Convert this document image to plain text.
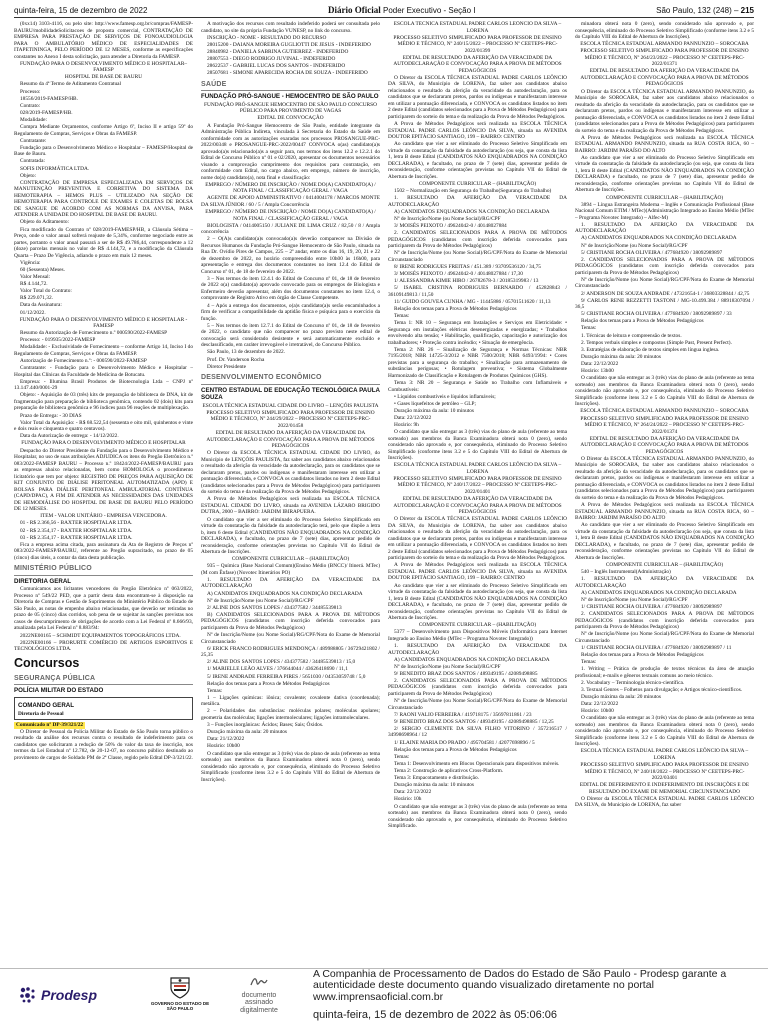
quinta-feira, 15 de dezembro de 2022	Diário Oficial Poder Executivo - Seção I	São Paulo, 132 (248) – 215

(0xx14) 3103-4116, ou pelo site: http://www.famesp.org.br/compras/FAMESP-BAURU/mobilidadeSolicitacoes de proposta comercial, CONTRATAÇÃO DE EMPRESA PARA PRESTAÇÃO DE SERVIÇOS DE FONOAUDIOLOGIA PARA O AMBULATÓRIO MÉDICO DE ESPECIALIDADES DE ITAPETININGA, PELO PERÍODO DE 12 MESES, conforme as especificações constantes no Anexo I desta solicitação, para atender a Diretoria da FAMESP.

FUNDAÇÃO PARA O DESENVOLVIMENTO MÉDICO E HOSPITALAR–FAMESP

HOSPITAL DE BASE DE BAURU

Resumo da 4ª Termo de Aditamento Contratual

Processo:

18556/2019-FAMESP/HB.

Contrato:

028/2019-FAMESP/HB.

Modalidade:

Compra Mediante Orçamentos, conforme Artigo 6º, Inciso II e artigo 59º do Regulamento de Compras, Serviços e Obras da FAMESP.

Contratante:

Fundação para o Desenvolvimento Médico e Hospitalar – FAMESP/Hospital de Base de Bauru.

Contratada:

SOFIS INFORMÁTICA LTDA.

Objeto:

CONTRATAÇÃO DE EMPRESA ESPECIALIZADA EM SERVIÇOS DE MANUTENÇÃO PREVENTIVA E CORRETIVA DO SISTEMA DA HEMOTERAPIA – HEMOS PLUS – UTILIZADO NA SEÇÃO DE HEMOTERAPIA PARA CONTROLE DE EXAMES E COLETAS DE BOLSA DE SANGUE DE ACORDO COM AS NORMAS DA ANVISA, PARA ATENDER A UNIDADE DO HOSPITAL DE BASE DE BAURU.

Objeto do Aditamento:

Fica modificado do Contrato nº 028/2019-FAMESP/HB, a Cláusula Sétima – Preço, onde o valor anual sofrerá reajuste de 5,34%, conforme negociado entre as partes, portanto o valor anual passará a ser de R$ 49.786,44, correspondente a 12 (doze) parcelas mensais no valor de R$ 4.144,72, e a modificação da Cláusula Quarta – Prazo De Vigência, adiando o prazo em mais 12 meses.

Vigência:

60 (Sessenta) Meses.

Valor Mensal:

R$ 4.144,72.

Valor Total do Contrato:

R$ 229.071,32.

Data da Assinatura:

01/12/2022.

FUNDAÇÃO PARA O DESENVOLVIMENTO MÉDICO E HOSPITALAR - FAMESP

Resumo da Autorização de Fornecimento n.º 000590/2022-FAMESP

Processo: - 019935/2022-FAMESP

Modalidade: - Exclusividade de Fornecimento – conforme Artigo 14, Inciso I do Regulamento de Compras, Serviços e Obras da FAMESP.

Autorização de Fornecimento n.º: - 000590/2022-FAMESP

Contratante: - Fundação para o Desenvolvimento Médico e Hospitalar – Hospital das Clínicas da Faculdade de Medicina de Botucatu.

Empresa: - Illumina Brasil Produtos de Biotecnologia Ltda – CNPJ nº 13.147.440/0001-29

Objeto: - Aquisição de 03 (três) kits de preparação de biblioteca de DNA, kit de fragmentação para preparação de biblioteca genômica, contendo 02 (dois) kits para preparação de biblioteca genômica e 96 índices para 96 reações de multiplexação.

Prazo de Entrega: - 30 DIAS

Valor Total da Aquisição: - R$ 68.522,54 (sessenta e oito mil, quinhentos e vinte e dois reais e cinquenta e quatro centavos).

Data da Autorização de entrega: - 14/12/2022.

FUNDAÇÃO PARA O DESENVOLVIMENTO MÉDICO E HOSPITALAR

Despacho do Diretor Presidente da Fundação para o Desenvolvimento Médico e Hospitalar, no uso de suas atribuições ADJUDICA os itens do Pregão Eletrônico n.º 083/2022-FAMESP BAURU – Processo n.º 18424/2022-FAMESP/BAURU para as empresas abaixo relacionadas, bem como HOMOLOGA o procedimento licitatório que tem por objeto: REGISTRO DE PREÇOS PARA AQUISIÇÃO DE KIT CONJUNTO DE DIÁLISE PERITONEAL AUTOMATIZADA (APD) E BOLSAS PARA DIÁLISE PERITONEAL AMBULATORIAL CONTÍNUA (CAPD/DPAC), A FIM DE ATENDER AS NECESSIDADES DAS UNIDADES DE HEMODIÁLISE DO HOSPITAL DE BASE DE BAURU PELO PERÍODO DE 12 MESES.

ITEM - VALOR UNITÁRIO - EMPRESA VENCEDORA.

01 - R$ 2.366,56 - BAXTER HOSPITALAR LTDA.

02 - R$ 2.354,17 - BAXTER HOSPITALAR LTDA.

03 - R$ 2.354,17 - BAXTER HOSPITALAR LTDA.

Fica a empresa acima citada, para assinatura da Ata de Registro de Preços nº 083/2022-FAMESP/BAURU, referente ao Pregão supracitado, no prazo de 05 (cinco) dias úteis, a contar da data desta publicação.

MINISTÉRIO PÚBLICO
DIRETORIA GERAL

Comunicamos aos licitantes vencedores do Pregão Eletrônico nº 063/2022, Processo nº 549/22 PED, que a partir desta data encontram-se à disposição na Diretoria de Compras e Gestão de Suprimentos do Ministério Público do Estado de São Paulo, as notas de empenho abaixo relacionadas, que deverão ser retiradas no prazo de 05 (cinco) dias corridos, sob pena de se sujeitar às sanções previstas nos casos de descumprimento de obrigações de acordo com a Lei Federal nº 8.666/93, atualizada pela Lei Federal nº 8.883/94:

2022NE00165 – SCHMIDT EQUIPAMENTOS TOPOGRÁFICOS LTDA.

2022NE00166 – PRORURTE COMÉRCIO DE ARTIGOS ESPORTIVOS E TECNOLÓGICOS LTDA.

Concursos
SEGURANÇA PÚBLICA
POLÍCIA MILITAR DO ESTADO
COMANDO GERAL
Diretoria de Pessoal
Comunicado nº DP-39/321/22

O Diretor de Pessoal da Polícia Militar do Estado de São Paulo torna público o resultado da análise dos recursos contra o resultado de indeferimento para os candidatos que solicitaram a redução de 50% do valor da taxa de inscrição, nos termos da Lei Estadual nº 12.782, de 20-12-07, no concurso público destinado ao provimento de cargos de Soldado PM de 2ª Classe, regido pelo Edital DP-3/321/22.

A motivação dos recursos com resultado indeferido poderá ser consultada pelo candidato, no site da própria Fundação VUNESP, no link do concurso.

INSCRIÇÃO - NOME - RESULTADO DO RECURSO

28015200 - DAIANA MOREIRA GUGLIOTTI DE JESUS - INDEFERIDO

28840982 - DANIELA SABRINA GUTIERREZ - INDEFERIDO

28807553 - DIEGO RODRIGO JUVINAL - INDEFERIDO

28622537 - GABRIEL LUCAS DOS SANTOS - INDEFERIDO

28507681 - SIMONE APARECIDA ROCHA DE SOUZA - INDEFERIDO

SAÚDE
FUNDAÇÃO PRÓ-SANGUE - HEMOCENTRO DE SÃO PAULO

FUNDAÇÃO PRÓ-SANGUE HEMOCENTRO DE SÃO PAULO CONCURSO PÚBLICO PARA PROVIMENTO DE VAGAS

EDITAL DE CONVOCAÇÃO

A Fundação Pró-Sangue Hemocentro de São Paulo, entidade integrante da Administração Pública Indireta, vinculada à Secretaria do Estado da Saúde em conformidade com as autorizações exaradas nos processos PROSANGUE-PRC-2022/00348 e PROSANGUE-PRC-2022/00447 CONVOCA o(as) candidato(a)s aprovado(a)s relacionado(a)s a seguir para, nos termos dos itens 12.2 e 12.2.1 do Edital de Concurso Público nº 01 e 02/2020, apresentar os documentos necessários visando a comprovação cumprimento dos requisitos para contratação, em conformidade com Edital, no cargo abaixo, em emprego, número de inscrição, nome do(a) candidato(a), nota final e classificação:

EMPREGO / NÚMERO DE INSCRIÇÃO / NOME DO(A) CANDIDATO(A) / NOTA FINAL / CLASSIFICAÇÃO GERAL / VAGA

AGENTE DE APOIO ADMINISTRATIVO / 0414004178 / MARCOS MONTE DA SILVA JÚNIOR / 60 / 5 / Ampla Concorrência

EMPREGO / NÚMERO DE INSCRIÇÃO / NOME DO(A) CANDIDATO(A) / NOTA FINAL / CLASSIFICAÇÃO GERAL / VAGA

BIOLOGISTA / 0414005150 / JULIANE DE LIMA CRUZ / 82,50 / 8 / Ampla concorrência

2 – O(A)s candidato(a)s convocado(a)s deverão comparecer na Divisão de Recursos Humanos da Fundação Pró-Sangue Hemocentro de São Paulo, situada na Rua Dr. Ovídio Pires de Campos, 225 – 2º andar, entre os dias 16, 19, 20, 21 e 22 de dezembro de 2022, no horário compreendido entre 10h00 às 16h00, para apresentação e entrega dos documentos constantes no item 12.4 do Edital de Concurso nº 01, de 18 de fevereiro de 2022.

3 – Nos termos do item 12.4.1 do Edital de Concurso nº 01, de 18 de fevereiro de 2022 o(a) candidato(a) aprovado convocado para os empregos de Biologista e Enfermeiro deverão apresentar, além dos documentos constantes no item 12.4, o comprovante de Registro Ativo em órgão de Classe Competente.

4 – Após a entrega dos documentos, o(a)s candidato(a)s serão encaminhados a firm de verificar a compatibilidade da aptidão física e psíquica para o exercício da função.

5 – Nos termos do item 12.7.1 do Edital de Concurso nº 01, de 18 de fevereiro de 2022, o candidato que não comparecer no prazo previsto neste edital de convocação será considerado desistente e será automaticamente excluído e desclassificado, em caráter irrevogável e irretratável, do Concurso Público.

São Paulo, 13 de dezembro de 2022.

Prof. Dr. Vanderson Rocha

Diretor Presidente

DESENVOLVIMENTO ECONÔMICO
CENTRO ESTADUAL DE EDUCAÇÃO TECNOLÓGICA PAULA SOUZA

ESCOLA TÉCNICA ESTADUAL CIDADE DO LIVRO – LENÇÓIS PAULISTA

PROCESSO SELETIVO SIMPLIFICADO PARA PROFESSOR DE ENSINO MÉDIO E TÉCNICO, Nº 244/29/2022 – PROCESSO Nº CEETEPS-PRC-2022/01458

EDITAL DE RESULTADO DA AFERIÇÃO DA VERACIDADE DA AUTODECLARAÇÃO E CONVOCAÇÃO PARA A PROVA DE MÉTODOS PEDAGÓGICOS

O Diretor da ESCOLA TÉCNICA ESTADUAL CIDADE DO LIVRO, do Município de LENÇÓIS PAULISTA, faz saber aos candidatos abaixo relacionados o resultado da aferição da veracidade da autodeclaração, para os candidatos que se declararam pretos, pardos ou indígenas e manifestaram interesse em utilizar a pontuação diferenciada, e CONVOCA os candidatos listados no item 2 deste Edital (candidatos selecionados para a Prova de Métodos Pedagógicos) para participarem do sorteio do tema e da realização da Prova de Métodos Pedagógicos.

A Prova de Métodos Pedagógicos será realizada na ESCOLA TÉCNICA ESTADUAL CIDADE DO LIVRO, situada na AVENIDA LÁZARO BRIGIDO DUTRA, 2000 – BAIRRO: JARDIM IBIRAPUERA.

O candidato que vier a ser eliminado do Processo Seletivo Simplificado em virtude da constatação da falsidade da autodeclaração terá, pelo que dispõe a letra b, item 6 deste Edital (CANDIDATOS NÃO ENQUADRADOS NA CONDIÇÃO DECLARADA), e facultado, no prazo de 7 (sete) dias, apresentar pedido de reconsideração, conforme orientações previstas no Capítulo VII do Edital de Abertura de Inscrições.

COMPONENTE CURRICULAR – (HABILITAÇÃO)

935 – Química (Base Nacional Comum)(Ensino Médio (BNCC)/ Itinerá. MTec) (M com Ênfase) (Novotec Itinerários PO)

1. RESULTADO DA AFERIÇÃO DA VERACIDADE DA AUTODECLARAÇÃO

A) CANDIDATOS ENQUADRADOS NA CONDIÇÃO DECLARADA

Nº de Inscrição/Nome (ou Nome Social)/RG/CPF

2/ ALINE DOS SANTOS LOPES / 434377582 / 34485539813

B) CANDIDATOS SELECIONADOS PARA A PROVA DE MÉTODOS PEDAGÓGICOS (candidatos com inscrição deferida convocados para participarem da Prova de Métodos Pedagógicos)

Nº de Inscrição/Nome (ou Nome Social)/RG/CPF/Nota do Exame de Memorial Circunstanciado

6/ ERICK FRANCO RODRIGUES MENDONÇA / 489988805 / 36729421802 / 25,35

2/ ALINE DOS SANTOS LOPES / 434377582 / 34485539813 / 15,0

1/ MARIELLE LEÃO ALVES / 376644044 / 43626418690 / 11,1

5/ IRENE ANDRADE FERREIRA PIRES / 5651030 / 04353059748 / 5,0

Relação dos temas para a Prova de Métodos Pedagógicos

Temas:

1 – Ligações químicas: iônica; covalente; covalente dativa (coordenada); metálica.

2 – Polaridades das substâncias: moléculas polares; moléculas apolares; geometria das moléculas; ligações intermoleculares; ligações intramoleculares.

3 – Funções inorgânicas: Ácidos; Bases; Sais; Óxidos.

Duração máxima da aula: 20 minutos

Data: 21/12/2022

Horário: 10h00

O candidato que não entregar as 3 (três) vias do plano de aula (referente ao tema sorteado) aos membros da Banca Examinadora obterá nota 0 (zero), sendo considerado não aprovado e, por consequência, eliminado do Processo Seletivo Simplificado (conforme itens 3.2 e 5 do Capítulo VIII do Edital de Abertura de Inscrições).

ESCOLA TÉCNICA ESTADUAL PADRE CARLOS LEÔNCIO DA SILVA – LORENA

PROCESSO SELETIVO SIMPLIFICADO PARA PROFESSOR DE ENSINO MÉDIO E TÉCNICO, Nº 240/15/2022 – PROCESSO Nº CEETEPS-PRC-2022/01399

EDITAL DE RESULTADO DA AFERIÇÃO DA VERACIDADE DA AUTODECLARAÇÃO E CONVOCAÇÃO PARA A PROVA DE MÉTODOS PEDAGÓGICOS

O Diretor da ESCOLA TÉCNICA ESTADUAL PADRE CARLOS LEÔNCIO DA SILVA, do Município de LORENA, faz saber aos candidatos abaixo relacionados o resultado da aferição da veracidade da autodeclaração, para os candidatos que se declararam pretos, pardos ou indígenas e manifestaram interesse em utilizar a pontuação diferenciada, e CONVOCA os candidatos listados no item 2 deste Edital (candidatos selecionados para a Prova de Métodos Pedagógicos) para participarem do sorteio do tema e da realização da Prova de Métodos Pedagógicos.

A Prova de Métodos Pedagógicos será realizada na ESCOLA TÉCNICA ESTADUAL PADRE CARLOS LEÔNCIO DA SILVA, situada na AVENIDA DOUTOR EPITÁCIO SANTIAGO, 199 – BAIRRO: CENTRO

Ao candidato que vier a ser eliminado do Processo Seletivo Simplificado em virtude da constatação da falsidade da autodeclaração (ou seja, que consta da lista 1, letra B deste Edital (CANDIDATOS NÃO ENQUADRADOS NA CONDIÇÃO DECLARADA), e facultado, no prazo de 7 (sete) dias, apresentar pedido de reconsideração, conforme orientações previstas no Capítulo VII do Edital de Abertura de Inscrições.

COMPONENTE CURRICULAR – (HABILITAÇÃO)

1502 – Normalização em Segurança do Trabalho(Segurança do Trabalho)

1. RESULTADO DA AFERIÇÃO DA VERACIDADE DA AUTODECLARAÇÃO

A) CANDIDATOS ENQUADRADOS NA CONDIÇÃO DECLARADA

Nº de Inscrição/Nome (ou Nome Social)/RG/CPF

3/ MOISÉS PEIXOTO / 49624042-0 / 40148027884

2. CANDIDATOS SELECIONADOS PARA A PROVA DE MÉTODOS PEDAGÓGICOS (candidatos com inscrição deferida convocados para participarem da Prova de Métodos Pedagógicos)

Nº de Inscrição/Nome (ou Nome Social)/RG/CPF/Nota do Exame de Memorial Circunstanciado

8/ IRENE RODRIGUES FREITAS / 451.389 / 93709536120 / 34,75

3/ MOISÉS PEIXOTO / 49624042-0 / 40148027884 / 17,30

1/ ALESSANDRA KIMIE HIRO / 26782678-3 / 20185319983 / 13

5/ ISABEL CRISTINA RODRIGUES BERNARDO / 452828843 / 36109149813 / 11,50

11/ GUIDO GOUVEA CUNHA / MG - 11445886 / 05701511620 / 11,13

Relação dos temas para a Prova de Métodos Pedagógicos

Temas:

Tema 1: NR 10 – Segurança em Instalações e Serviços em Eletricidade: • Segurança em instalações elétricas desenergizadas e energizadas; • Trabalhos envolvendo alta tensão; • Habilitação, qualificação, capacitação e autorização dos trabalhadores; • Proteção contra incêndio; • Situação de emergência.

Tema 2: NR 26 – Sinalização de Segurança e Normas Técnicas: NBR 7195/2018; NBR 14725-3/2012 e NBR 7500/2018; NBR 6493/1994: • Cores previstas para a segurança do trabalho; • Sinalização para armazenamento de substâncias perigosas; • Rotulagem preventiva; • Sistema Globalmente Harmonizado de Classificação e Rotulagem de Produtos Químicos (GHS).

Tema 3: NR 20 – Segurança e Saúde no Trabalho com Inflamáveis e Combustíveis:

• Líquidos combustíveis e líquidos inflamáveis;

• Gases liquefeitos de petróleo – GLP;

Duração máxima da aula: 10 minutos

Data: 22/12/2022

Horário: 9h

O candidato que não entregar as 3 (três) vias do plano de aula (referente ao tema sorteado) aos membros da Banca Examinadora obterá nota 0 (zero), sendo considerado não aprovado e, por consequência, eliminado do Processo Seletivo Simplificado (conforme itens 3.2 e 5 do Capítulo VIII do Edital de Abertura de Inscrições).

ESCOLA TÉCNICA ESTADUAL PADRE CARLOS LEÔNCIO DA SILVA – LORENA

PROCESSO SELETIVO SIMPLIFICADO PARA PROFESSOR DE ENSINO MÉDIO E TÉCNICO, Nº 240/17/2022 – PROCESSO Nº CEETEPS-PRC-2022/01401

EDITAL DE RESULTADO DA AFERIÇÃO DA VERACIDADE DA AUTODECLARAÇÃO E CONVOCAÇÃO PARA A PROVA DE MÉTODOS PEDAGÓGICOS

O Diretor da ESCOLA TÉCNICA ESTADUAL PADRE CARLOS LEÔNCIO DA SILVA, do Município de LORENA, faz saber aos candidatos abaixo relacionados o resultado da aferição da veracidade da autodeclaração, para os candidatos que se declararam pretos, pardos ou indígenas e manifestaram interesse em utilizar a pontuação diferenciada, e CONVOCA os candidatos listados no item 2 deste Edital (candidatos selecionados para a Prova de Métodos Pedagógicos) para participarem do sorteio do tema e da realização da Prova de Métodos Pedagógicos.

A Prova de Métodos Pedagógicos será realizada na ESCOLA TÉCNICA ESTADUAL PADRE CARLOS LEÔNCIO DA SILVA, situada na AVENIDA DOUTOR EPITÁCIO SANTIAGO, 199 – BAIRRO: CENTRO

Ao candidato que vier a ser eliminado do Processo Seletivo Simplificado em virtude da constatação da falsidade da autodeclaração (ou seja, que consta da lista 1, letra B deste Edital (CANDIDATOS NÃO ENQUADRADOS NA CONDIÇÃO DECLARADA), e facultado, no prazo de 7 (sete) dias, apresentar pedido de reconsideração, conforme orientações previstas no Capítulo VII do Edital de Abertura de Inscrições.

COMPONENTE CURRICULAR – (HABILITAÇÃO)

5377 – Desenvolvimento para Dispositivos Móveis (Informática para Internet Integrado ao Ensino Médio (MTec – Programa Novotec Integrado))

1. RESULTADO DA AFERIÇÃO DA VERACIDADE DA AUTODECLARAÇÃO

A) CANDIDATOS ENQUADRADOS NA CONDIÇÃO DECLARADA

Nº de Inscrição/Nome (ou Nome Social)/RG/CPF

9/ BENEDITO BRAZ DOS SANTOS / 489349195 / 42089498885

2. CANDIDATOS SELECIONADOS PARA A PROVA DE MÉTODOS PEDAGÓGICOS (candidatos com inscrição deferida convocados para participarem da Prova de Métodos Pedagógicos)

Nº de Inscrição/Nome (ou Nome Social)/RG/CPF/Nota do Exame de Memorial Circunstanciado

7/ RAONI VALIO FERREIRA / 419718175 / 35697811861 / 23

9/ BENEDITO BRAZ DOS SANTOS / 489349195 / 42089498885 / 12,25

2/ SERGIO CLEMENTE DA SILVA FILHO VITORINO / 357216517 / 34998698964 / 12

1/ ELAINE MARIA DO PRADO / 495704581 / 42077698896 / 5

Relação dos temas para a Prova de Métodos Pedagógicos

Temas:

Tema 1: Desenvolvimento em Blocos Operacionais para dispositivos móveis.

Tema 2: Construção de aplicativos Cross-Platform.

Tema 3: Empacotamento e distribuição.

Duração máxima da aula: 10 minutos

Data: 22/12/2022

Horário: 10h

O candidato que não entregar as 3 (três) vias do plano de aula (referente ao tema sorteado) aos membros da Banca Examinadora obterá nota 0 (zero), sendo considerado não aprovado e, por consequência, eliminado do Processo Seletivo Simplificado.

minadora obterá nota 0 (zero), sendo considerado não aprovado e, por consequência, eliminado do Processo Seletivo Simplificado (conforme itens 3.2 e 5 do Capítulo VIII do Edital de Abertura de Inscrições).

ESCOLA TÉCNICA ESTADUAL ARMANDO PANNUNZIO – SOROCABA

PROCESSO SELETIVO SIMPLIFICADO PARA PROFESSOR DE ENSINO MÉDIO E TÉCNICO, Nº 264/23/2022 – PROCESSO Nº CEETEPS-PRC-2022/01371

EDITAL DE RESULTADO DA AFERIÇÃO DA VERACIDADE DA AUTODECLARAÇÃO E CONVOCAÇÃO PARA A PROVA DE MÉTODOS PEDAGÓGICOS

O Diretor da ESCOLA TÉCNICA ESTADUAL ARMANDO PANNUNZIO, do Município de SOROCABA, faz saber aos candidatos abaixo relacionados o resultado da aferição da veracidade da autodeclaração, para os candidatos que se declararam pretos, pardos ou indígenas e manifestaram interesse em utilizar a pontuação diferenciada, e CONVOCA os candidatos listados no item 2 deste Edital (candidatos selecionados para a Prova de Métodos Pedagógicos) para participarem do sorteio do tema e da realização da Prova de Métodos Pedagógicos.

A Prova de Métodos Pedagógicos será realizada na ESCOLA TÉCNICA ESTADUAL ARMANDO PANNUNZIO, situada na RUA COSTA RICA, 60 – BAIRRO: JARDIM PARAÍSO DO ALTO

Ao candidato que vier a ser eliminado do Processo Seletivo Simplificado em virtude da constatação da falsidade da autodeclaração (ou seja, que consta da lista 1, letra B deste Edital (CANDIDATOS NÃO ENQUADRADOS NA CONDIÇÃO DECLARADA) e facultado, no prazo de 7 (sete) dias, apresentar pedido de reconsideração, conforme orientações previstas no Capítulo VII do Edital de Abertura de Inscrições.

COMPONENTE CURRICULAR – (HABILITAÇÃO)

3894 – Língua Estrangeira Moderna – Inglês e Comunicação Profissional (Base Nacional Comum ETIM / MTec)(Administração Integrado ao Ensino Médio (MTec – Programa Novotec Integrado) – Alfec-M)

1. RESULTADO DA AFERIÇÃO DA VERACIDADE DA AUTODECLARAÇÃO

A) CANDIDATOS ENQUADRADOS NA CONDIÇÃO DECLARADA

Nº de Inscrição/Nome (ou Nome Social)/RG/CPF

5/ CRISTIANE ROCHA OLIVEIRA / 477684920 / 38092989897

2. CANDIDATOS SELECIONADOS PARA A PROVA DE MÉTODOS PEDAGÓGICOS (candidatos com inscrição deferida convocados para participarem da Prova de Métodos Pedagógicos)

Nº de Inscrição/Nome (ou Nome Social)/RG/CPF/Nota do Exame de Memorial Circunstanciado

2/ ANDERSON DE SOUZA ANDRADE / 47321654-1 / 36803328844 / 42,75

9/ CARLOS RENE REZZETTI TASTONI / MG-10.499.384 / 88918307094 / 36,5

5/ CRISTIANE ROCHA OLIVEIRA / 477684920 / 38092989897 / 33

Relação dos temas para a Prova de Métodos Pedagógicos

Temas:

1. Técnicas de leitura e compreensão de textos.

2. Tempos verbais simples e compostos (Simple Past, Present Perfect).

3. Estratégias de elaboração de textos simples em língua inglesa.

Duração máxima da aula: 20 minutos

Data: 22/12/2022

Horário: 13h00

O candidato que não entregar as 3 (três) vias do plano de aula (referente ao tema sorteado) aos membros da Banca Examinadora obterá nota 0 (zero), sendo considerado não aprovado e, por consequência, eliminado do Processo Seletivo Simplificado (conforme itens 3.2 e 5 do Capítulo VIII do Edital de Abertura de Inscrições).

ESCOLA TÉCNICA ESTADUAL ARMANDO PANNUNZIO – SOROCABA

PROCESSO SELETIVO SIMPLIFICADO PARA PROFESSOR DE ENSINO MÉDIO E TÉCNICO, Nº 264/24/2022 – PROCESSO Nº CEETEPS-PRC-2022/01374

EDITAL DE RESULTADO DA AFERIÇÃO DA VERACIDADE DA AUTODECLARAÇÃO E CONVOCAÇÃO PARA A PROVA DE MÉTODOS PEDAGÓGICOS

O Diretor da ESCOLA TÉCNICA ESTADUAL ARMANDO PANNUNZIO, do Município de SOROCABA, faz saber aos candidatos abaixo relacionados o resultado da aferição da veracidade da autodeclaração, para os candidatos que se declararam pretos, pardos ou indígenas e manifestaram interesse em utilizar a pontuação diferenciada, e CONVOCA os candidatos listados no item 2 deste Edital (candidatos selecionados para a Prova de Métodos Pedagógicos) para participarem do sorteio do tema e da realização da Prova de Métodos Pedagógicos.

A Prova de Métodos Pedagógicos será realizada na ESCOLA TÉCNICA ESTADUAL ARMANDO PANNUNZIO, situada na RUA COSTA RICA, 60 – BAIRRO: JARDIM PARAÍSO DO ALTO

Ao candidato que vier a ser eliminado do Processo Seletivo Simplificado em virtude da constatação da falsidade da autodeclaração (ou seja, que consta da lista 1, letra B deste Edital (CANDIDATOS NÃO ENQUADRADOS NA CONDIÇÃO DECLARADA), e facultado, no prazo de 7 (sete) dias, apresentar pedido de reconsideração, conforme orientações previstas no Capítulo VII do Edital de Abertura de Inscrições.

COMPONENTE CURRICULAR – (HABILITAÇÃO)

540 – Inglês Instrumental(Administração)

1. RESULTADO DA AFERIÇÃO DA VERACIDADE DA AUTODECLARAÇÃO

A) CANDIDATOS ENQUADRADOS NA CONDIÇÃO DECLARADA

Nº de Inscrição/Nome (ou Nome Social)/RG/CPF

1/ CRISTIANE ROCHA OLIVEIRA / 477684920 / 38092989897

2. CANDIDATOS SELECIONADOS PARA A PROVA DE MÉTODOS PEDAGÓGICOS (candidatos com inscrição deferida convocados para participarem da Prova de Métodos Pedagógicos)

Nº de Inscrição/Nome (ou Nome Social)/RG/CPF/Nota do Exame de Memorial Circunstanciado

1/ CRISTIANE ROCHA OLIVEIRA / 477684920 / 38092989897 / 11

Relação dos temas para a Prova de Métodos Pedagógicos

Temas:

1. Writing – Prática de produção de textos técnicos da área de atuação profissional; e-mails e gêneros textuais comuns ao meio técnico.

2. Vocabulary – Terminologia técnico-científica.

3. Textual Genres – Folhetos para divulgação; e Artigos técnico-científicos.

Duração máxima da aula: 20 minutos

Data: 22/12/2022

Horário: 10h00

O candidato que não entregar as 3 (três) vias do plano de aula (referente ao tema sorteado) aos membros da Banca Examinadora obterá nota 0 (zero), sendo considerado não aprovado e, por consequência, eliminado do Processo Seletivo Simplificado (conforme itens 3.2 e 5 do Capítulo VIII do Edital de Abertura de Inscrições).

ESCOLA TÉCNICA ESTADUAL PADRE CARLOS LEÔNCIO DA SILVA – LORENA

PROCESSO SELETIVO SIMPLIFICADO PARA PROFESSOR DE ENSINO MÉDIO E TÉCNICO, Nº 240/18/2022 – PROCESSO Nº CEETEPS-PRC-2022/03401

EDITAL DE DEFERIMENTO E INDEFERIMENTO DE INSCRIÇÕES E DE RESULTADO DO EXAME DE MEMORIAL CIRCUNSTANCIADO

O Diretor da ESCOLA TÉCNICA ESTADUAL PADRE CARLOS LEÔNCIO DA SILVA, do Município de LORENA, faz saber

Prodesp
GOVERNO DO ESTADO DE SÃO PAULO
documento
assinado
digitalmente
A Companhia de Processamento de Dados do Estado de São Paulo - Prodesp garante a autenticidade deste documento quando visualizado diretamente no portal www.imprensaoficial.com.br
quinta-feira, 15 de dezembro de 2022 às 05:06:06
